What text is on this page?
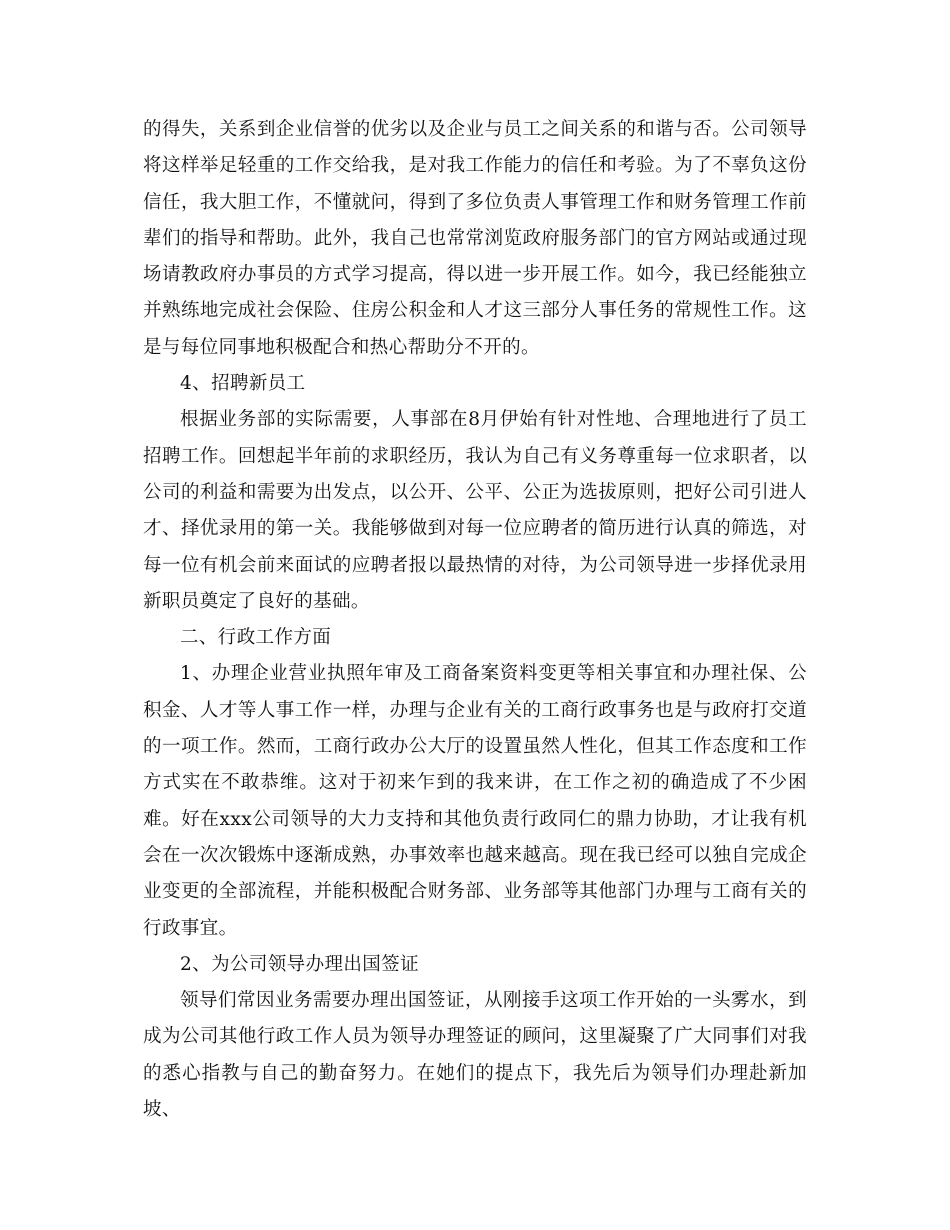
的得失，关系到企业信誉的优劣以及企业与员工之间关系的和谐与否。公司领导将这样举足轻重的工作交给我，是对我工作能力的信任和考验。为了不辜负这份信任，我大胆工作，不懂就问，得到了多位负责人事管理工作和财务管理工作前辈们的指导和帮助。此外，我自己也常常浏览政府服务部门的官方网站或通过现场请教政府办事员的方式学习提高，得以进一步开展工作。如今，我已经能独立并熟练地完成社会保险、住房公积金和人才这三部分人事任务的常规性工作。这是与每位同事地积极配合和热心帮助分不开的。

4、招聘新员工

根据业务部的实际需要，人事部在8月伊始有针对性地、合理地进行了员工招聘工作。回想起半年前的求职经历，我认为自己有义务尊重每一位求职者，以公司的利益和需要为出发点，以公开、公平、公正为选拔原则，把好公司引进人才、择优录用的第一关。我能够做到对每一位应聘者的简历进行认真的筛选，对每一位有机会前来面试的应聘者报以最热情的对待，为公司领导进一步择优录用新职员奠定了良好的基础。

二、行政工作方面

1、办理企业营业执照年审及工商备案资料变更等相关事宜和办理社保、公积金、人才等人事工作一样，办理与企业有关的工商行政事务也是与政府打交道的一项工作。然而，工商行政办公大厅的设置虽然人性化，但其工作态度和工作方式实在不敢恭维。这对于初来乍到的我来讲，在工作之初的确造成了不少困难。好在xxx公司领导的大力支持和其他负责行政同仁的鼎力协助，才让我有机会在一次次锻炼中逐渐成熟，办事效率也越来越高。现在我已经可以独自完成企业变更的全部流程，并能积极配合财务部、业务部等其他部门办理与工商有关的行政事宜。

2、为公司领导办理出国签证

领导们常因业务需要办理出国签证，从刚接手这项工作开始的一头雾水，到成为公司其他行政工作人员为领导办理签证的顾问，这里凝聚了广大同事们对我的悉心指教与自己的勤奋努力。在她们的提点下，我先后为领导们办理赴新加坡、
